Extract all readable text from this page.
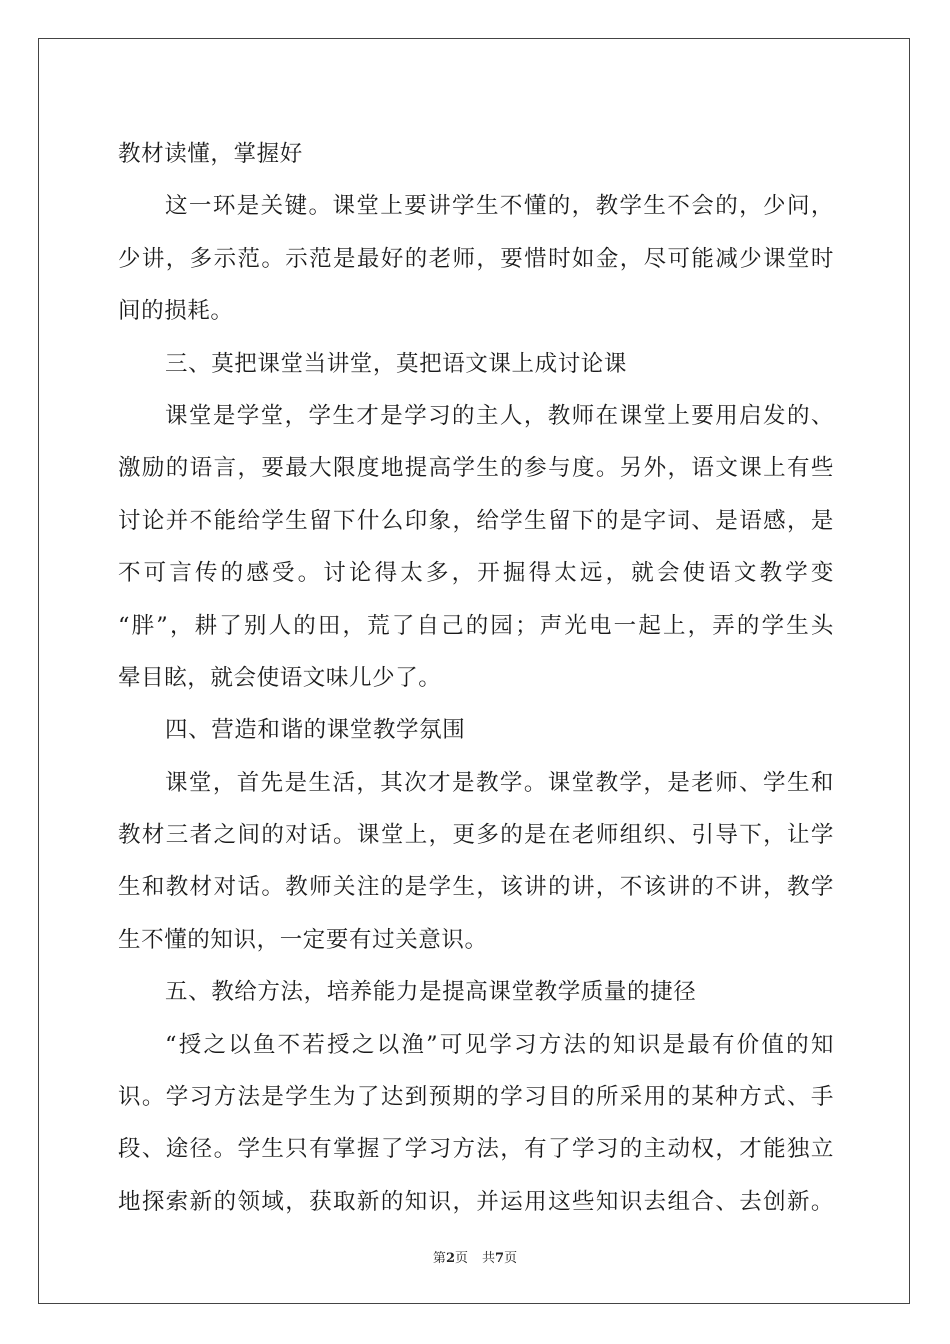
教材读懂，掌握好
这一环是关键。课堂上要讲学生不懂的，教学生不会的，少问，
少讲，多示范。示范是最好的老师，要惜时如金，尽可能减少课堂时
间的损耗。
三、莫把课堂当讲堂，莫把语文课上成讨论课
课堂是学堂，学生才是学习的主人，教师在课堂上要用启发的、
激励的语言，要最大限度地提高学生的参与度。另外，语文课上有些
讨论并不能给学生留下什么印象，给学生留下的是字词、是语感，是
不可言传的感受。讨论得太多，开掘得太远，就会使语文教学变
“胖”，耕了别人的田，荒了自己的园；声光电一起上，弄的学生头
晕目眩，就会使语文味儿少了。
四、营造和谐的课堂教学氛围
课堂，首先是生活，其次才是教学。课堂教学，是老师、学生和
教材三者之间的对话。课堂上，更多的是在老师组织、引导下，让学
生和教材对话。教师关注的是学生，该讲的讲，不该讲的不讲，教学
生不懂的知识，一定要有过关意识。
五、教给方法，培养能力是提高课堂教学质量的捷径
“授之以鱼不若授之以渔”可见学习方法的知识是最有价值的知
识。学习方法是学生为了达到预期的学习目的所采用的某种方式、手
段、途径。学生只有掌握了学习方法，有了学习的主动权，才能独立
地探索新的领域，获取新的知识，并运用这些知识去组合、去创新。
第2页 共7页
